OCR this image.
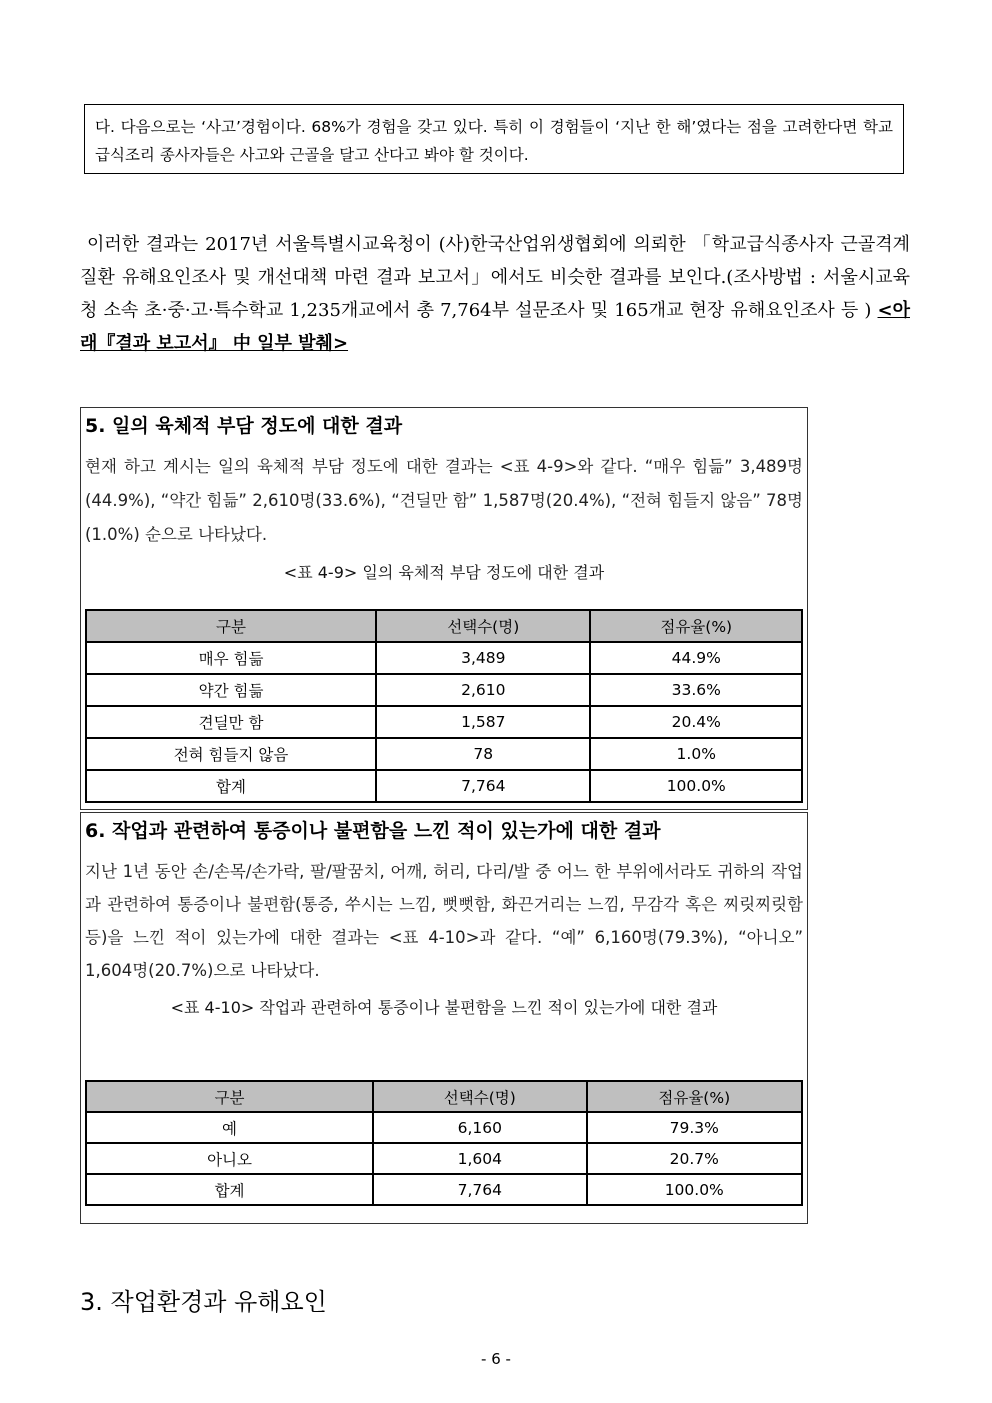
다. 다음으로는 ‘사고’경험이다. 68%가 경험을 갖고 있다. 특히 이 경험들이 ‘지난 한 해’였다는 점을 고려한다면 학교 급식조리 종사자들은 사고와 근골을 달고 산다고 봐야 할 것이다.
이러한 결과는 2017년 서울특별시교육청이 (사)한국산업위생협회에 의뢰한 「학교급식종사자 근골격계질환 유해요인조사 및 개선대책 마련 결과 보고서」에서도 비슷한 결과를 보인다.(조사방법 : 서울시교육청 소속 초·중·고·특수학교 1,235개교에서 총 7,764부 설문조사 및 165개교 현장 유해요인조사 등 ) <아래『결과 보고서』 中 일부 발췌>
5. 일의 육체적 부담 정도에 대한 결과
현재 하고 계시는 일의 육체적 부담 정도에 대한 결과는 <표 4-9>와 같다. “매우 힘듦” 3,489명(44.9%), “약간 힘듦” 2,610명(33.6%), “견딜만 함” 1,587명(20.4%), “전혀 힘들지 않음” 78명(1.0%) 순으로 나타났다.
<표 4-9> 일의 육체적 부담 정도에 대한 결과
구분	선택수(명)	점유율(%)
매우 힘듦	3,489	44.9%
약간 힘듦	2,610	33.6%
견딜만 함	1,587	20.4%
전혀 힘들지 않음	78	1.0%
합계	7,764	100.0%
6. 작업과 관련하여 통증이나 불편함을 느낀 적이 있는가에 대한 결과
지난 1년 동안 손/손목/손가락, 팔/팔꿈치, 어깨, 허리, 다리/발 중 어느 한 부위에서라도 귀하의 작업과 관련하여 통증이나 불편함(통증, 쑤시는 느낌, 뻣뻣함, 화끈거리는 느낌, 무감각 혹은 찌릿찌릿함 등)을 느낀 적이 있는가에 대한 결과는 <표 4-10>과 같다. “예” 6,160명(79.3%), “아니오” 1,604명(20.7%)으로 나타났다.
<표 4-10> 작업과 관련하여 통증이나 불편함을 느낀 적이 있는가에 대한 결과
구분	선택수(명)	점유율(%)
예	6,160	79.3%
아니오	1,604	20.7%
합계	7,764	100.0%
3. 작업환경과 유해요인
- 6 -
